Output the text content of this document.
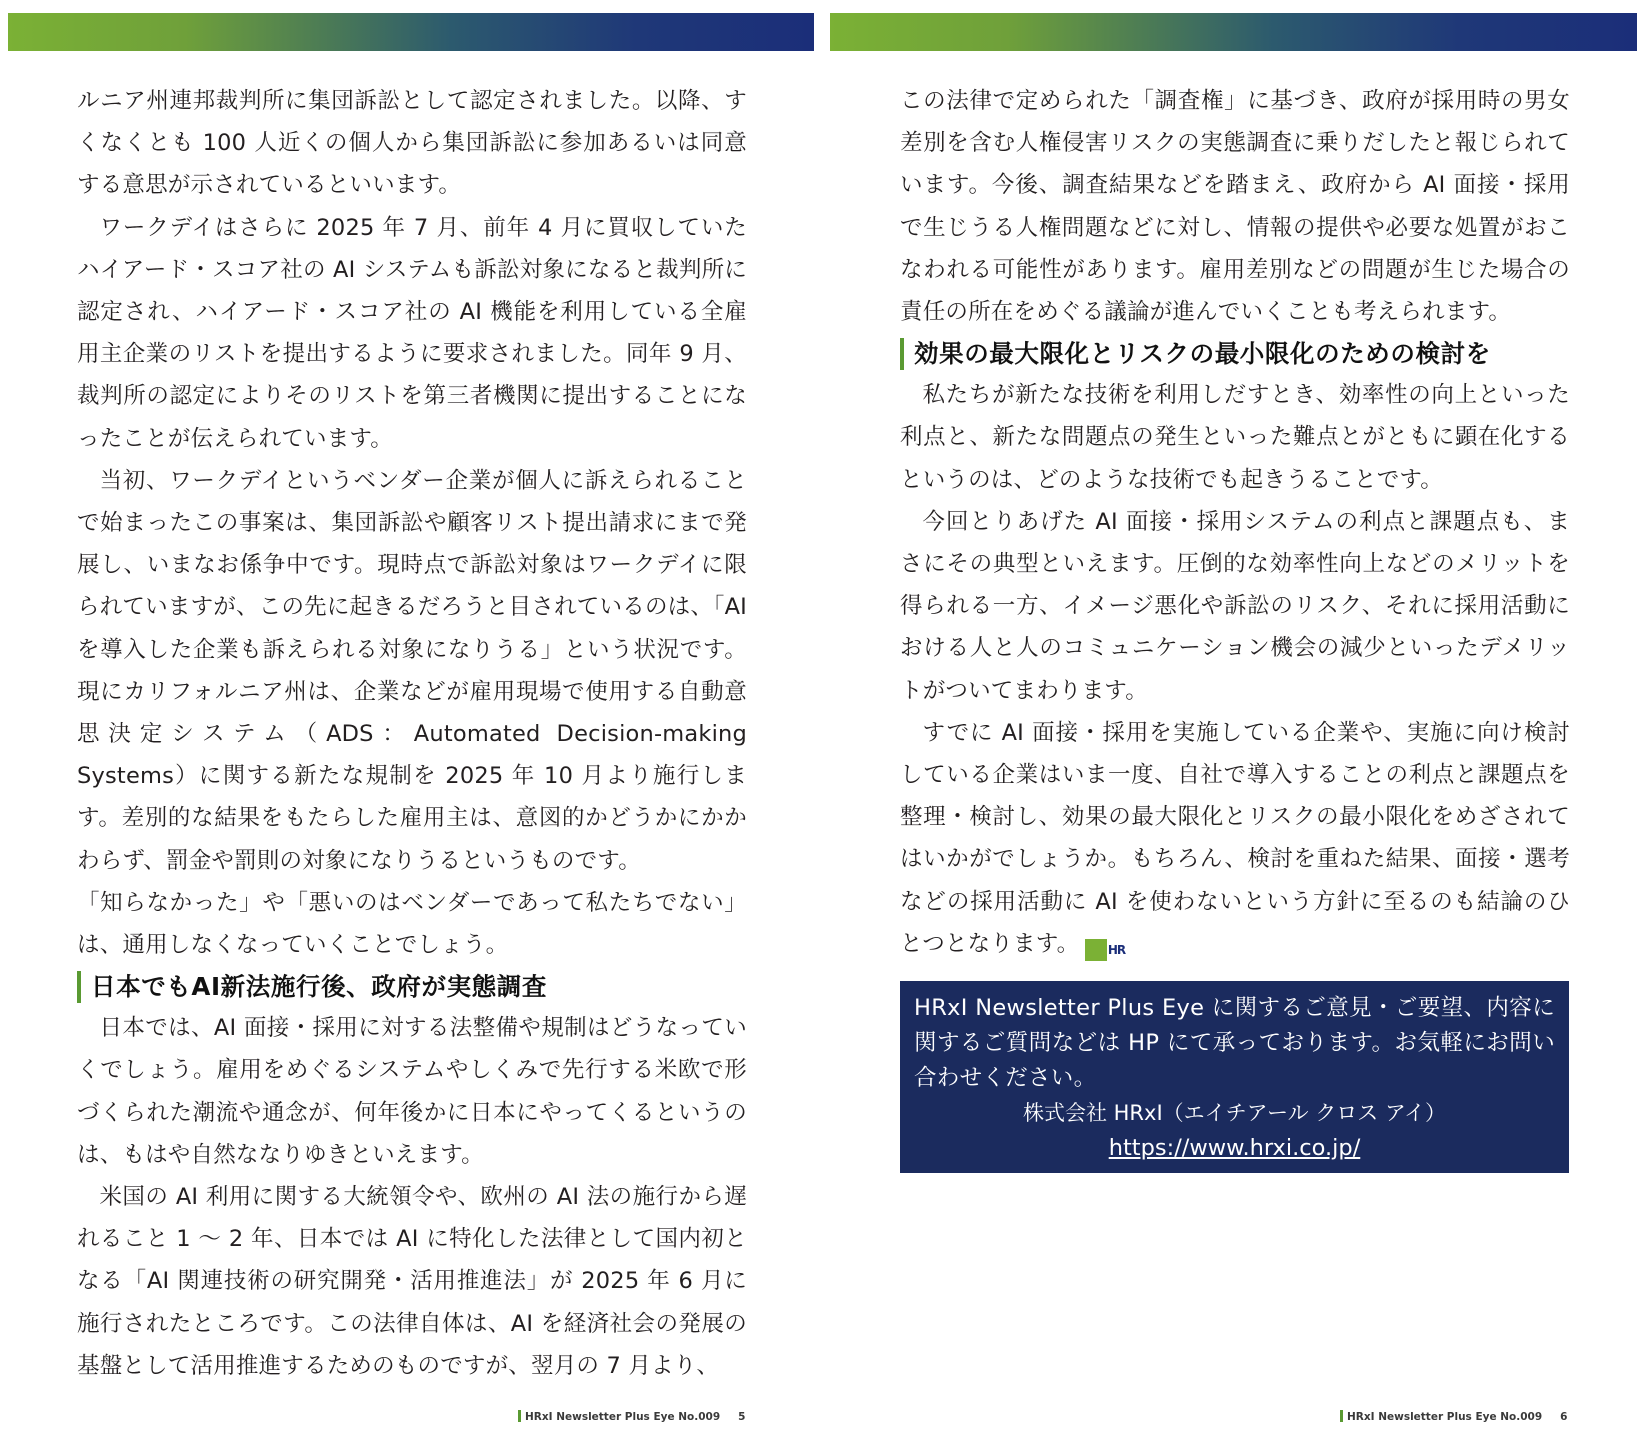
ルニア州連邦裁判所に集団訴訟として認定されました。以降、すくなくとも 100 人近くの個人から集団訴訟に参加あるいは同意する意思が示されているといいます。

ワークデイはさらに 2025 年 7 月、前年 4 月に買収していたハイアード・スコア社の AI システムも訴訟対象になると裁判所に認定され、ハイアード・スコア社の AI 機能を利用している全雇用主企業のリストを提出するように要求されました。同年 9 月、裁判所の認定によりそのリストを第三者機関に提出することになったことが伝えられています。

当初、ワークデイというベンダー企業が個人に訴えられることで始まったこの事案は、集団訴訟や顧客リスト提出請求にまで発展し、いまなお係争中です。現時点で訴訟対象はワークデイに限られていますが、この先に起きるだろうと目されているのは、「AI を導入した企業も訴えられる対象になりうる」という状況です。現にカリフォルニア州は、企業などが雇用現場で使用する自動意思決定システム（ADS：Automated Decision-making Systems）に関する新たな規制を 2025 年 10 月より施行します。差別的な結果をもたらした雇用主は、意図的かどうかにかかわらず、罰金や罰則の対象になりうるというものです。

「知らなかった」や「悪いのはベンダーであって私たちでない」は、通用しなくなっていくことでしょう。

日本でもAI新法施行後、政府が実態調査

日本では、AI 面接・採用に対する法整備や規制はどうなっていくでしょう。雇用をめぐるシステムやしくみで先行する米欧で形づくられた潮流や通念が、何年後かに日本にやってくるというのは、もはや自然ななりゆきといえます。

米国の AI 利用に関する大統領令や、欧州の AI 法の施行から遅れること 1 ～ 2 年、日本では AI に特化した法律として国内初となる「AI 関連技術の研究開発・活用推進法」が 2025 年 6 月に施行されたところです。この法律自体は、AI を経済社会の発展の基盤として活用推進するためのものですが、翌月の 7 月より、

HRxI Newsletter Plus Eye No.009 5

この法律で定められた「調査権」に基づき、政府が採用時の男女差別を含む人権侵害リスクの実態調査に乗りだしたと報じられています。今後、調査結果などを踏まえ、政府から AI 面接・採用で生じうる人権問題などに対し、情報の提供や必要な処置がおこなわれる可能性があります。雇用差別などの問題が生じた場合の責任の所在をめぐる議論が進んでいくことも考えられます。

効果の最大限化とリスクの最小限化のための検討を

私たちが新たな技術を利用しだすとき、効率性の向上といった利点と、新たな問題点の発生といった難点とがともに顕在化するというのは、どのような技術でも起きうることです。

今回とりあげた AI 面接・採用システムの利点と課題点も、まさにその典型といえます。圧倒的な効率性向上などのメリットを得られる一方、イメージ悪化や訴訟のリスク、それに採用活動における人と人のコミュニケーション機会の減少といったデメリットがついてまわります。

すでに AI 面接・採用を実施している企業や、実施に向け検討している企業はいま一度、自社で導入することの利点と課題点を整理・検討し、効果の最大限化とリスクの最小限化をめざされてはいかがでしょうか。もちろん、検討を重ねた結果、面接・選考などの採用活動に AI を使わないという方針に至るのも結論のひとつとなります。 HR

HRxI Newsletter Plus Eye に関するご意見・ご要望、内容に関するご質問などは HP にて承っております。お気軽にお問い合わせください。

株式会社 HRxI（エイチアール クロス アイ）

https://www.hrxi.co.jp/

HRxI Newsletter Plus Eye No.009 6
